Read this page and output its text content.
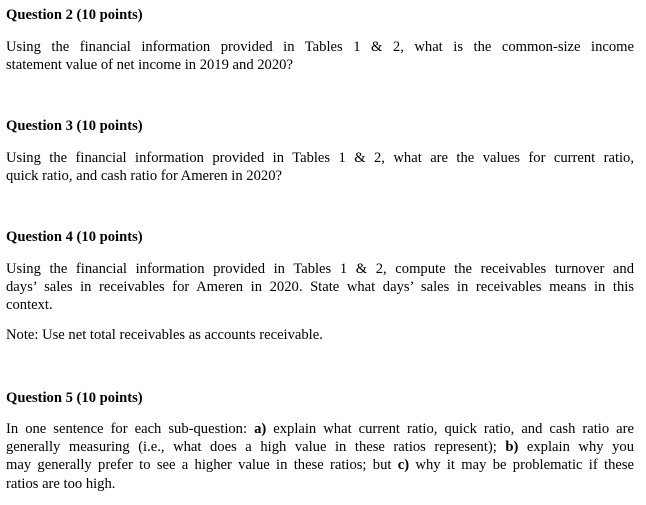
Question 2 (10 points)

Using the financial information provided in Tables 1 & 2, what is the common-size income
statement value of net income in 2019 and 2020?

Question 3 (10 points)

Using the financial information provided in Tables 1 & 2, what are the values for current ratio,
quick ratio, and cash ratio for Ameren in 2020?

Question 4 (10 points)

Using the financial information provided in Tables 1 & 2, compute the receivables turnover and
days’ sales in receivables for Ameren in 2020. State what days’ sales in receivables means in this
context.

Note: Use net total receivables as accounts receivable.

Question 5 (10 points)

In one sentence for each sub-question: a) explain what current ratio, quick ratio, and cash ratio are
generally measuring (i.e., what does a high value in these ratios represent); b) explain why you
may generally prefer to see a higher value in these ratios; but c) why it may be problematic if these
ratios are too high.
